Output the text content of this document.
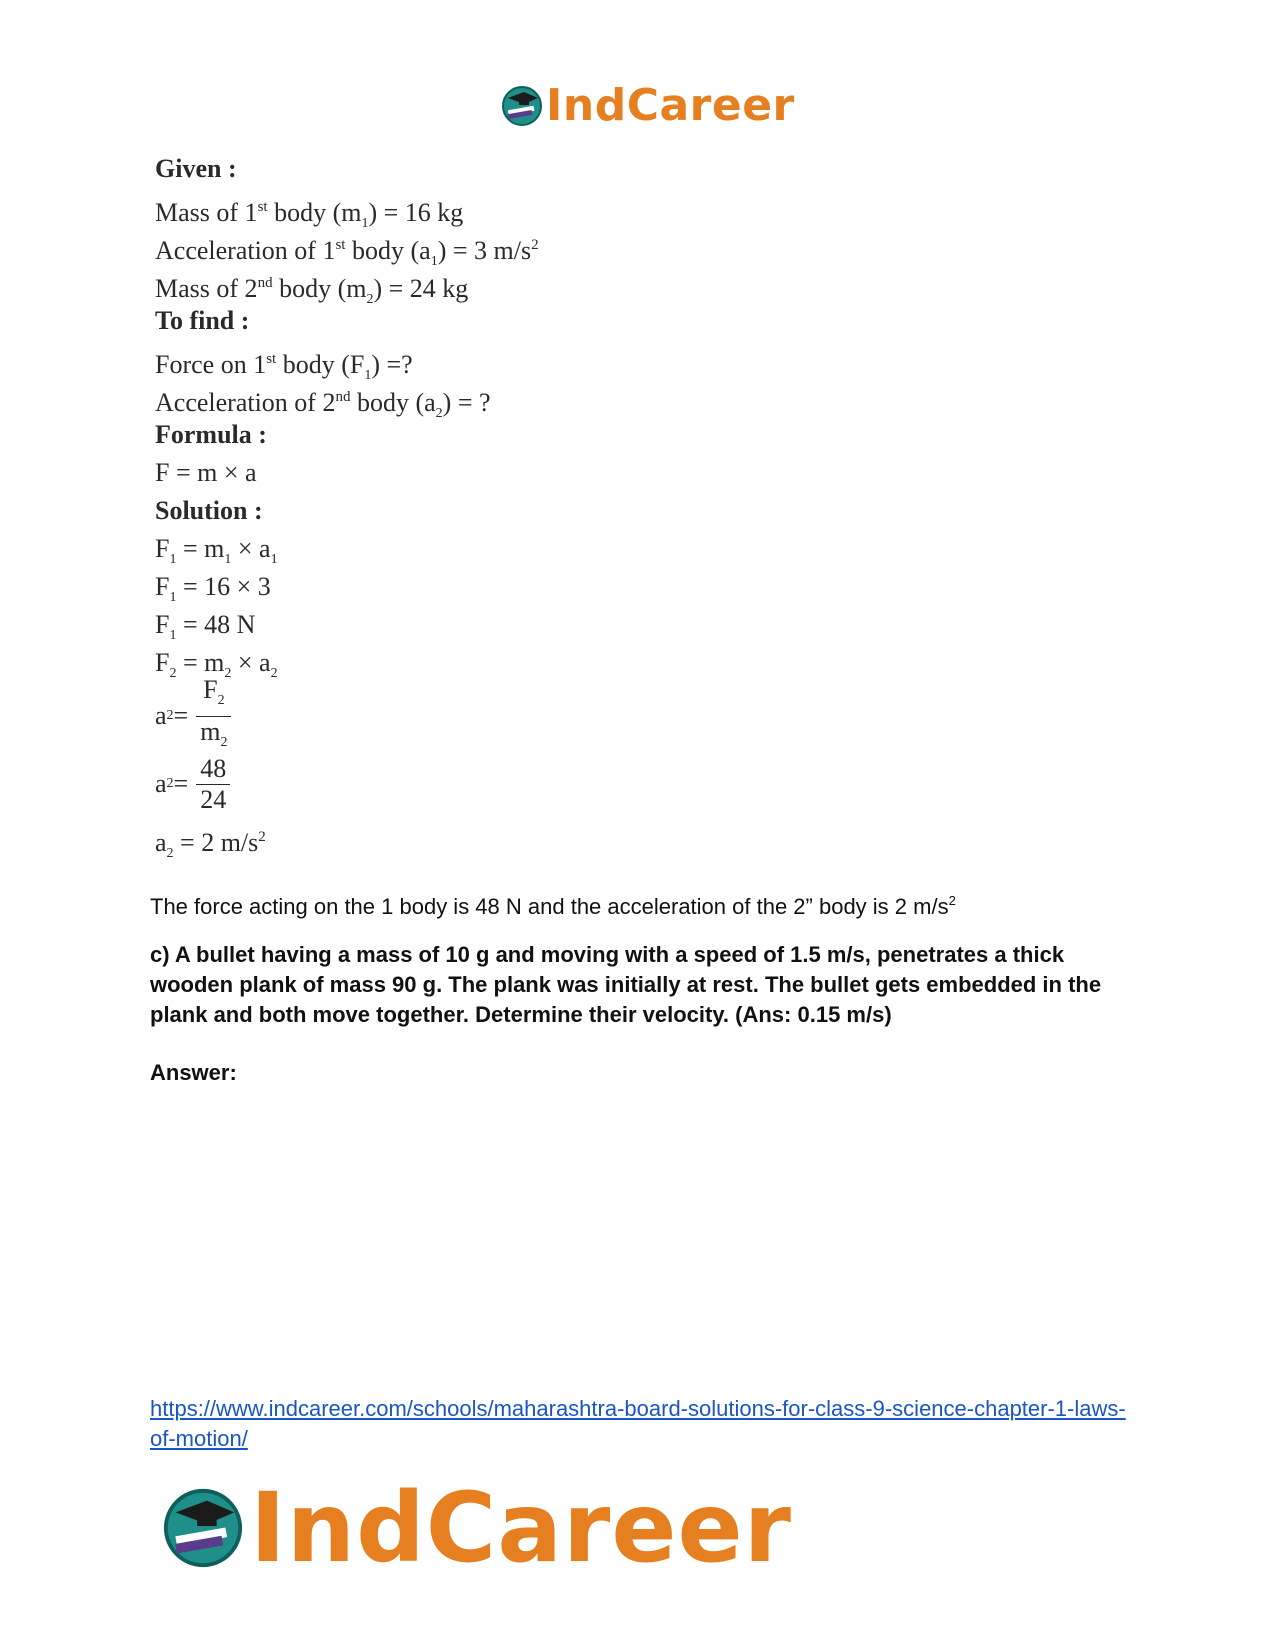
IndCareer
Given :
Mass of 1st body $(m_1) = 16$ kg
Acceleration of 1st body $(a_1) = 3$ $m/s^2$
Mass of 2nd body $(m_2) = 24$ kg
To find :
Force on 1st body $(F_1)$ =?
Acceleration of 2nd body $(a_2)$ = ?
Formula :
F = m × a
Solution :
$F_1 = m_1 \times a_1$
$F_1 = 16 \times 3$
$F_1 = 48$ N
$F_2 = m_2 \times a_2$
a $2 = \frac{F_2}{m_2}$
a $2 = \frac{48}{24}$
$a_2 = 2$ $m/s^2$
The force acting on the 1 body is 48 N and the acceleration of the 2” body is 2 $m/s^2$
c) A bullet having a mass of 10 g and moving with a speed of 1.5 m/s, penetrates a thick wooden plank of mass 90 g. The plank was initially at rest. The bullet gets embedded in the plank and both move together. Determine their velocity. (Ans: 0.15 m/s)
Answer:
https://www.indcareer.com/schools/maharashtra-board-solutions-for-class-9-science-chapter-1-laws-of-motion/
IndCareer
